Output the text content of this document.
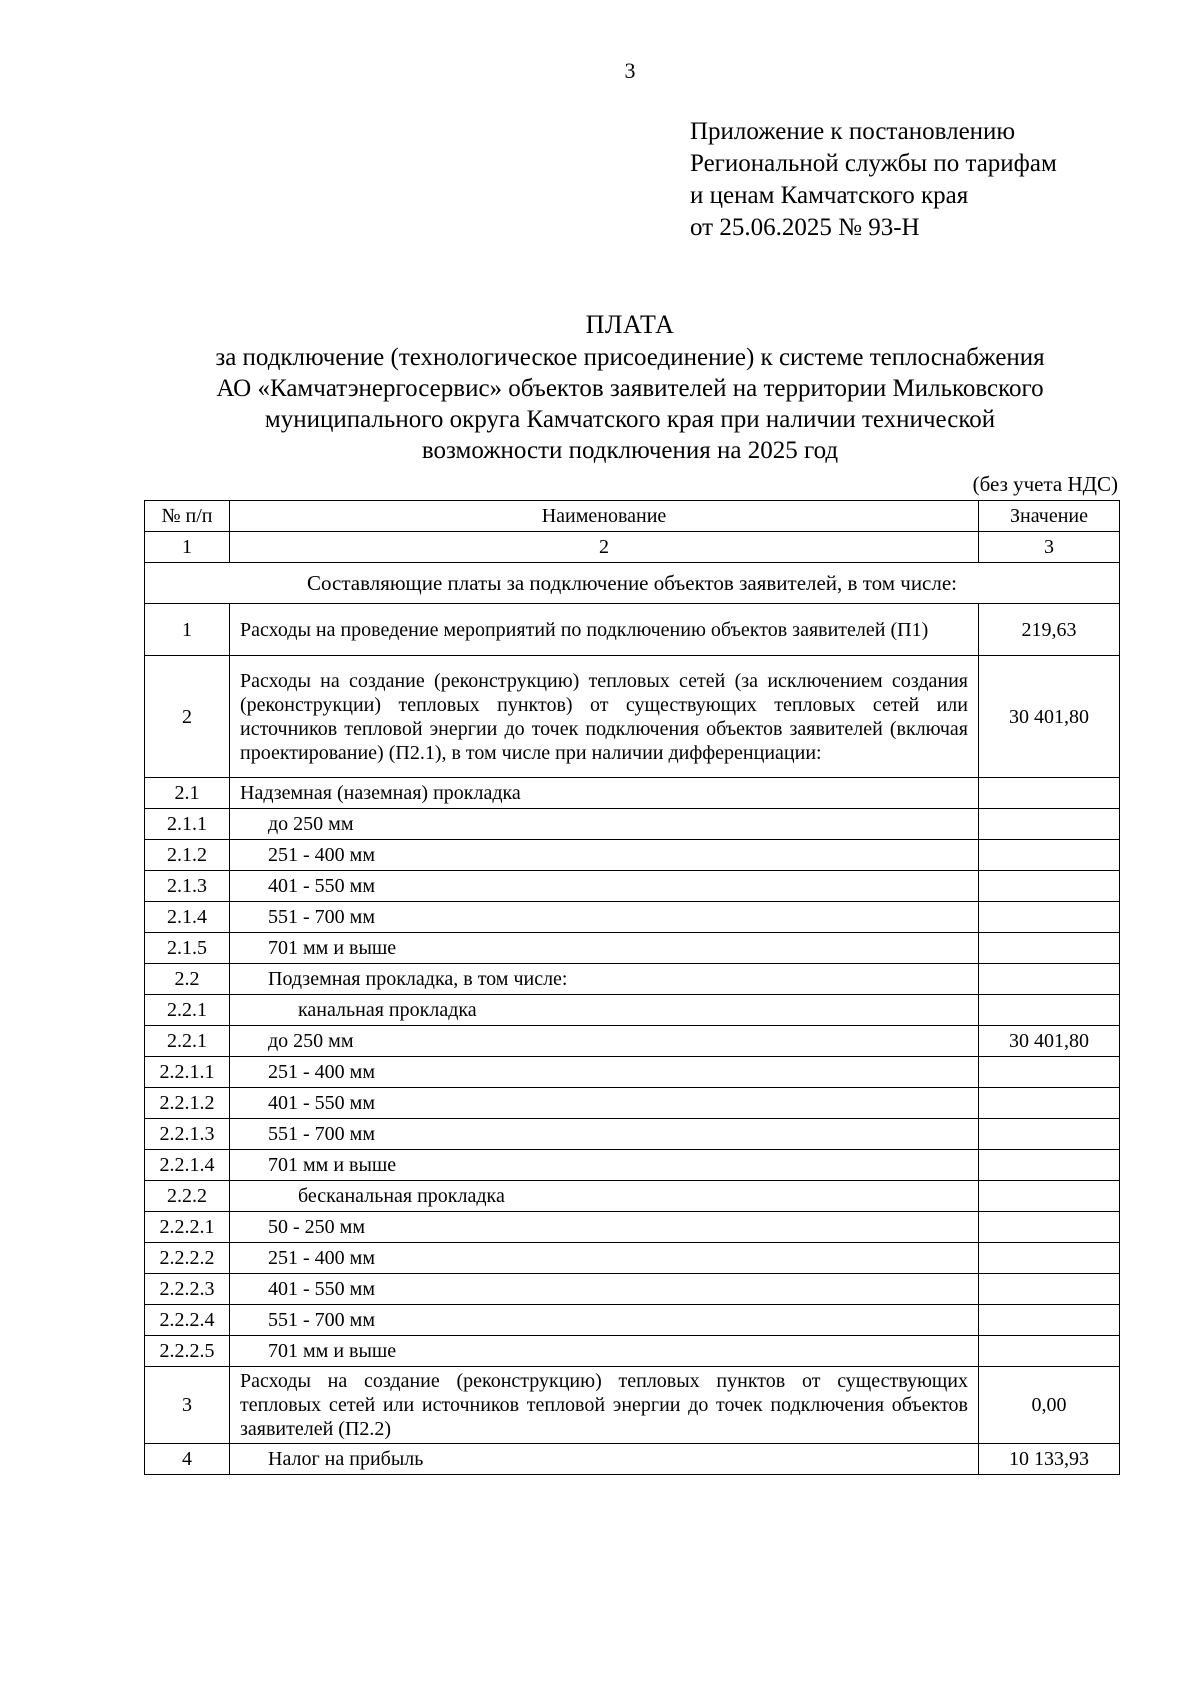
3
Приложение к постановлению
Региональной службы по тарифам
и ценам Камчатского края
от 25.06.2025 № 93-Н
ПЛАТА
за подключение (технологическое присоединение) к системе теплоснабжения
АО «Камчатэнергосервис» объектов заявителей на территории Мильковского
муниципального округа Камчатского края при наличии технической
возможности подключения на 2025 год
(без учета НДС)
№ п/п	Наименование	Значение
1	2	3
Составляющие платы за подключение объектов заявителей, в том числе:		
1	Расходы на проведение мероприятий по подключению объектов заявителей (П1)	219,63
2	Расходы на создание (реконструкцию) тепловых сетей (за исключением создания (реконструкции) тепловых пунктов) от существующих тепловых сетей или источников тепловой энергии до точек подключения объектов заявителей (включая проектирование) (П2.1), в том числе при наличии дифференциации:	30 401,80
2.1	Надземная (наземная) прокладка	
2.1.1	до 250 мм	
2.1.2	251 - 400 мм	
2.1.3	401 - 550 мм	
2.1.4	551 - 700 мм	
2.1.5	701 мм и выше	
2.2	Подземная прокладка, в том числе:	
2.2.1	канальная прокладка	
2.2.1	до 250 мм	30 401,80
2.2.1.1	251 - 400 мм	
2.2.1.2	401 - 550 мм	
2.2.1.3	551 - 700 мм	
2.2.1.4	701 мм и выше	
2.2.2	бесканальная прокладка	
2.2.2.1	50 - 250 мм	
2.2.2.2	251 - 400 мм	
2.2.2.3	401 - 550 мм	
2.2.2.4	551 - 700 мм	
2.2.2.5	701 мм и выше	
3	Расходы на создание (реконструкцию) тепловых пунктов от существующих тепловых сетей или источников тепловой энергии до точек подключения объектов заявителей (П2.2)	0,00
4	Налог на прибыль	10 133,93
